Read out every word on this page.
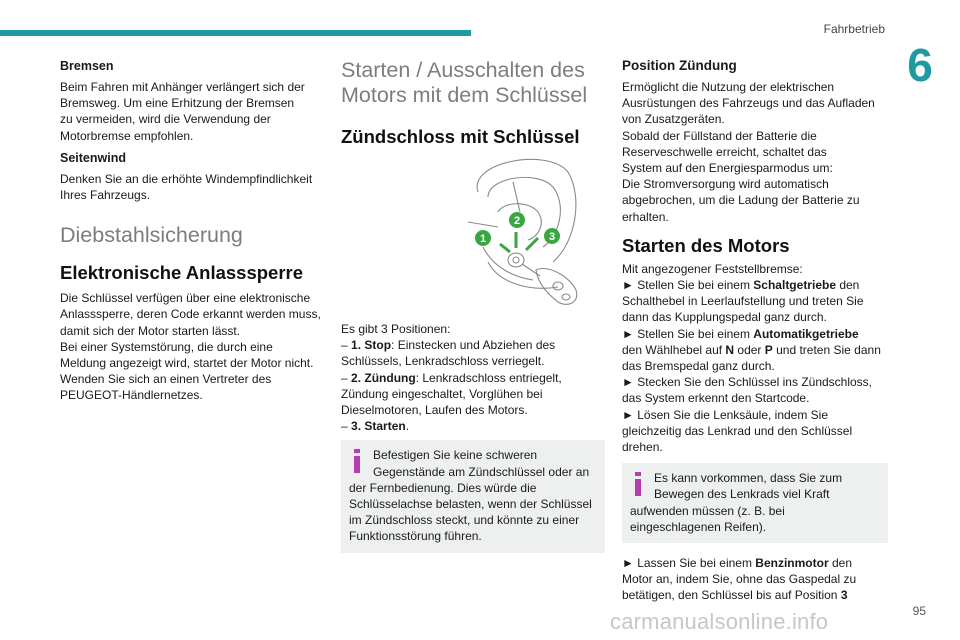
Fahrbetrieb
6
Bremsen

Beim Fahren mit Anhänger verlängert sich der
Bremsweg. Um eine Erhitzung der Bremsen
zu vermeiden, wird die Verwendung der
Motorbremse empfohlen.

Seitenwind

Denken Sie an die erhöhte Windempfindlichkeit
Ihres Fahrzeugs.

Diebstahlsicherung
Elektronische Anlasssperre

Die Schlüssel verfügen über eine elektronische
Anlasssperre, deren Code erkannt werden muss,
damit sich der Motor starten lässt.
Bei einer Systemstörung, die durch eine
Meldung angezeigt wird, startet der Motor nicht.
Wenden Sie sich an einen Vertreter des
PEUGEOT-Händlernetzes.

Starten / Ausschalten des
Motors mit dem Schlüssel
Zündschloss mit Schlüssel
1
2
3

Es gibt 3 Positionen:
– 1. Stop: Einstecken und Abziehen des
Schlüssels, Lenkradschloss verriegelt.
– 2. Zündung: Lenkradschloss entriegelt,
Zündung eingeschaltet, Vorglühen bei
Dieselmotoren, Laufen des Motors.
– 3. Starten.

Befestigen Sie keine schweren
Gegenstände am Zündschlüssel oder an
der Fernbedienung. Dies würde die
Schlüsselachse belasten, wenn der Schlüssel
im Zündschloss steckt, und könnte zu einer
Funktionsstörung führen.
Position Zündung

Ermöglicht die Nutzung der elektrischen
Ausrüstungen des Fahrzeugs und das Aufladen
von Zusatzgeräten.
Sobald der Füllstand der Batterie die
Reserveschwelle erreicht, schaltet das
System auf den Energiesparmodus um:
Die Stromversorgung wird automatisch
abgebrochen, um die Ladung der Batterie zu
erhalten.

Starten des Motors

Mit angezogener Feststellbremse:
► Stellen Sie bei einem Schaltgetriebe den
Schalthebel in Leerlaufstellung und treten Sie
dann das Kupplungspedal ganz durch.
► Stellen Sie bei einem Automatikgetriebe
den Wählhebel auf N oder P und treten Sie dann
das Bremspedal ganz durch.
► Stecken Sie den Schlüssel ins Zündschloss,
das System erkennt den Startcode.
► Lösen Sie die Lenksäule, indem Sie
gleichzeitig das Lenkrad und den Schlüssel
drehen.

Es kann vorkommen, dass Sie zum
Bewegen des Lenkrads viel Kraft
aufwenden müssen (z. B. bei
eingeschlagenen Reifen).

► Lassen Sie bei einem Benzinmotor den
Motor an, indem Sie, ohne das Gaspedal zu
betätigen, den Schlüssel bis auf Position 3

carmanualsonline.info	95
